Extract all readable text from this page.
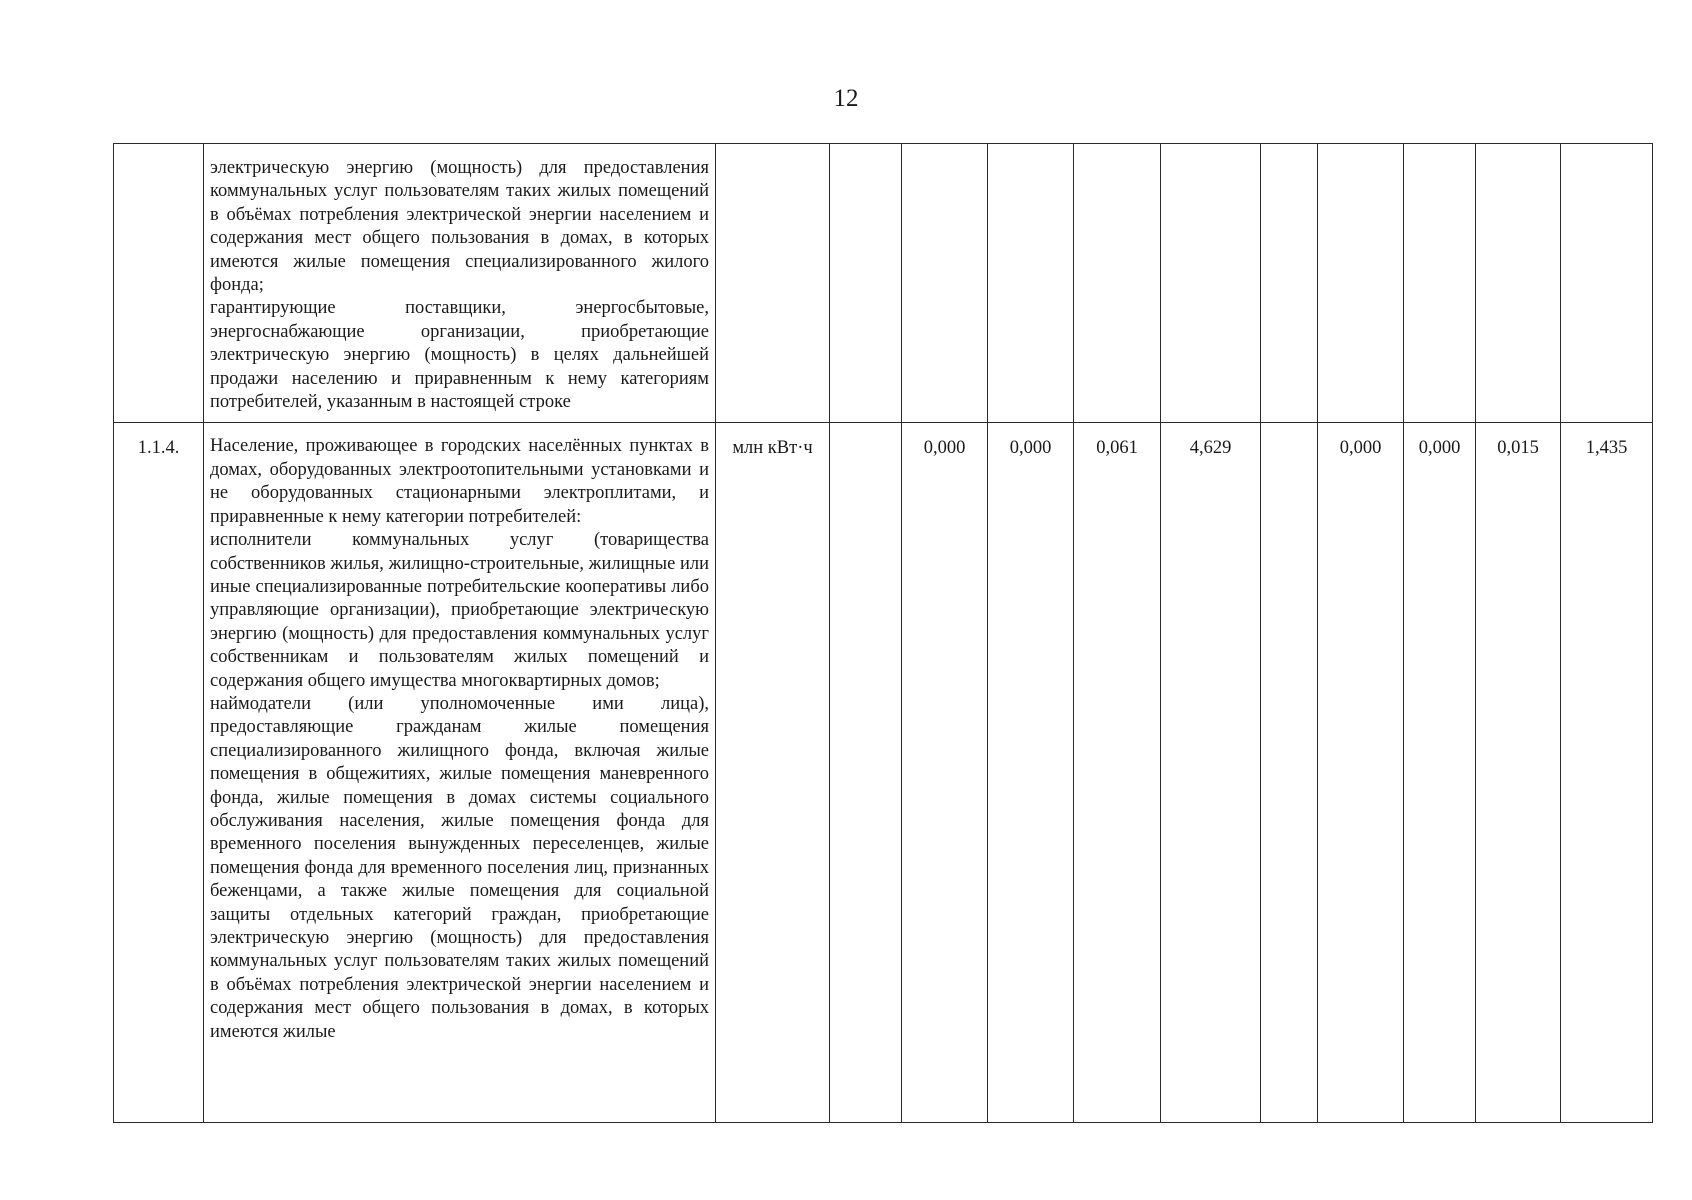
12

	электрическую энергию (мощность) для предоставления коммунальных услуг пользователям таких жилых помещений в объёмах потребления электрической энергии населением и содержания мест общего пользования в домах, в которых имеются жилые помещения специализированного жилого фонда;

гарантирующие поставщики, энергосбытовые, энергоснабжающие организации, приобретающие электрическую энергию (мощность) в целях дальнейшей продажи населению и приравненным к нему категориям потребителей, указанным в настоящей строке											

1.1.4.	Население, проживающее в городских населённых пунктах в домах, оборудованных электроотопительными установками и не оборудованных стационарными электроплитами, и приравненные к нему категории потребителей:

исполнители коммунальных услуг (товарищества собственников жилья, жилищно-строительные, жилищные или иные специализированные потребительские кооперативы либо управляющие организации), приобретающие электрическую энергию (мощность) для предоставления коммунальных услуг собственникам и пользователям жилых помещений и содержания общего имущества многоквартирных домов;

наймодатели (или уполномоченные ими лица), предоставляющие гражданам жилые помещения специализированного жилищного фонда, включая жилые помещения в общежитиях, жилые помещения маневренного фонда, жилые помещения в домах системы социального обслуживания населения, жилые помещения фонда для временного поселения вынужденных переселенцев, жилые помещения фонда для временного поселения лиц, признанных беженцами, а также жилые помещения для социальной защиты отдельных категорий граждан, приобретающие электрическую энергию (мощность) для предоставления коммунальных услуг пользователям таких жилых помещений в объёмах потребления электрической энергии населением и содержания мест общего пользования в домах, в которых имеются жилые	млн кВт·ч		0,000	0,000	0,061	4,629		0,000	0,000	0,015	1,435
